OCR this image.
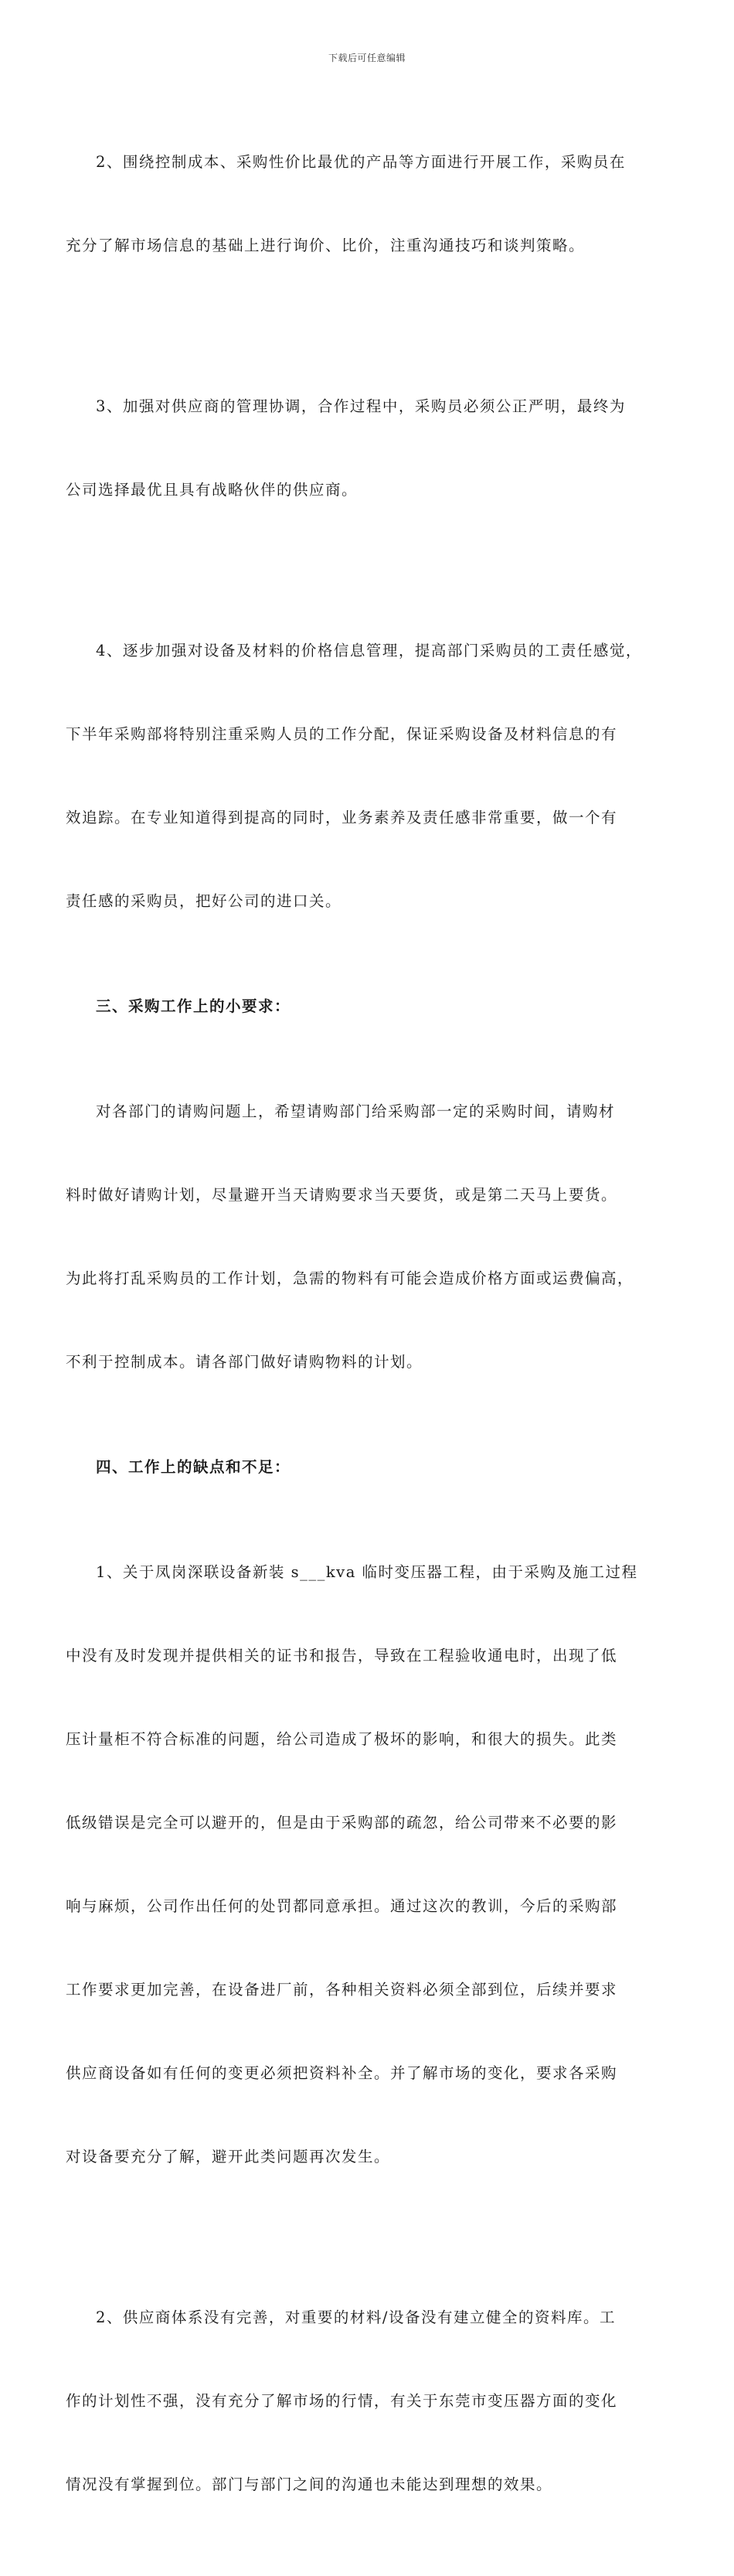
下载后可任意编辑

2、围绕控制成本、采购性价比最优的产品等方面进行开展工作，采购员在

充分了解市场信息的基础上进行询价、比价，注重沟通技巧和谈判策略。

3、加强对供应商的管理协调，合作过程中，采购员必须公正严明，最终为

公司选择最优且具有战略伙伴的供应商。

4、逐步加强对设备及材料的价格信息管理，提高部门采购员的工责任感觉，

下半年采购部将特别注重采购人员的工作分配，保证采购设备及材料信息的有

效追踪。在专业知道得到提高的同时，业务素养及责任感非常重要，做一个有

责任感的采购员，把好公司的进口关。

三、采购工作上的小要求：

对各部门的请购问题上，希望请购部门给采购部一定的采购时间，请购材

料时做好请购计划，尽量避开当天请购要求当天要货，或是第二天马上要货。

为此将打乱采购员的工作计划，急需的物料有可能会造成价格方面或运费偏高，

不利于控制成本。请各部门做好请购物料的计划。

四、工作上的缺点和不足：

1、关于凤岗深联设备新装 s___kva 临时变压器工程，由于采购及施工过程

中没有及时发现并提供相关的证书和报告，导致在工程验收通电时，出现了低

压计量柜不符合标准的问题，给公司造成了极坏的影响，和很大的损失。此类

低级错误是完全可以避开的，但是由于采购部的疏忽，给公司带来不必要的影

响与麻烦，公司作出任何的处罚都同意承担。通过这次的教训，今后的采购部

工作要求更加完善，在设备进厂前，各种相关资料必须全部到位，后续并要求

供应商设备如有任何的变更必须把资料补全。并了解市场的变化，要求各采购

对设备要充分了解，避开此类问题再次发生。

2、供应商体系没有完善，对重要的材料/设备没有建立健全的资料库。工

作的计划性不强，没有充分了解市场的行情，有关于东莞市变压器方面的变化

情况没有掌握到位。部门与部门之间的沟通也未能达到理想的效果。
